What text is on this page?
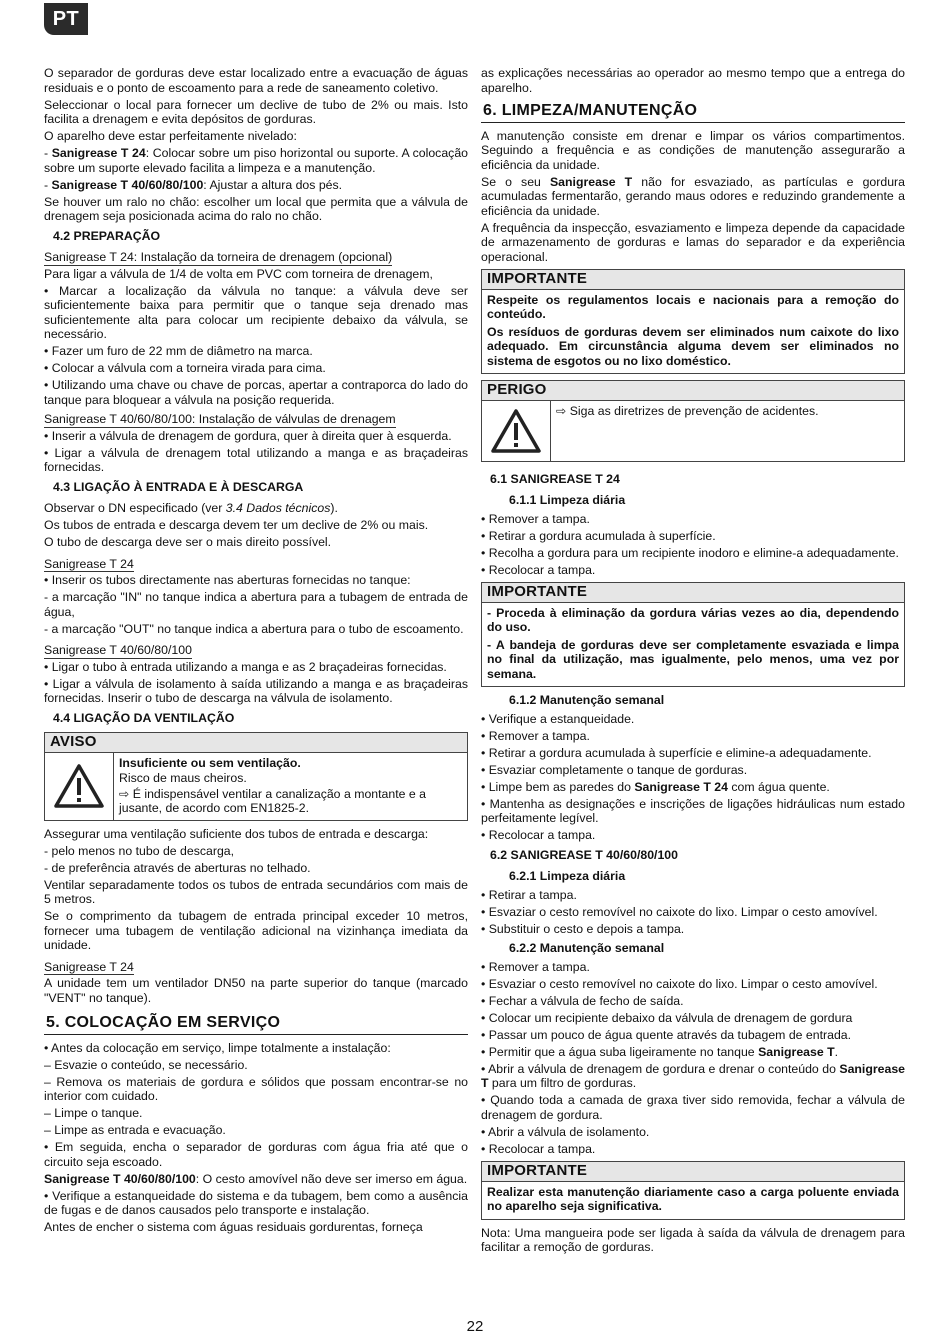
PT

O separador de gorduras deve estar localizado entre a evacuação de águas residuais e o ponto de escoamento para a rede de saneamento coletivo.

Seleccionar o local para fornecer um declive de tubo de 2% ou mais. Isto facilita a drenagem e evita depósitos de gorduras.

O aparelho deve estar perfeitamente nivelado:

- Sanigrease T 24: Colocar sobre um piso horizontal ou suporte. A colocação sobre um suporte elevado facilita a limpeza e a manutenção.

- Sanigrease T 40/60/80/100: Ajustar a altura dos pés.

Se houver um ralo no chão: escolher um local que permita que a válvula de drenagem seja posicionada acima do ralo no chão.

4.2 PREPARAÇÃO
Sanigrease T 24: Instalação da torneira de drenagem (opcional)

Para ligar a válvula de 1/4 de volta em PVC com torneira de drenagem,

• Marcar a localização da válvula no tanque: a válvula deve ser suficientemente baixa para permitir que o tanque seja drenado mas suficientemente alta para colocar um recipiente debaixo da válvula, se necessário.

• Fazer um furo de 22 mm de diâmetro na marca.

• Colocar a válvula com a torneira virada para cima.

• Utilizando uma chave ou chave de porcas, apertar a contraporca do lado do tanque para bloquear a válvula na posição requerida.

Sanigrease T 40/60/80/100: Instalação de válvulas de drenagem

• Inserir a válvula de drenagem de gordura, quer à direita quer à esquerda.

• Ligar a válvula de drenagem total utilizando a manga e as braçadeiras fornecidas.

4.3 LIGAÇÃO À ENTRADA E À DESCARGA

Observar o DN especificado (ver 3.4 Dados técnicos).

Os tubos de entrada e descarga devem ter um declive de 2% ou mais.

O tubo de descarga deve ser o mais direito possível.

Sanigrease T 24

• Inserir os tubos directamente nas aberturas fornecidas no tanque:

- a marcação "IN" no tanque indica a abertura para a tubagem de entrada de água,

- a marcação "OUT" no tanque indica a abertura para o tubo de escoamento.

Sanigrease T 40/60/80/100

• Ligar o tubo à entrada utilizando a manga e as 2 braçadeiras fornecidas.

• Ligar a válvula de isolamento à saída utilizando a manga e as braçadeiras fornecidas. Inserir o tubo de descarga na válvula de isolamento.

4.4 LIGAÇÃO DA VENTILAÇÃO
AVISO

Insuficiente ou sem ventilação.

Risco de maus cheiros.

⇨ É indispensável ventilar a canalização a montante e a jusante, de acordo com EN1825-2.

Assegurar uma ventilação suficiente dos tubos de entrada e descarga:

- pelo menos no tubo de descarga,

- de preferência através de aberturas no telhado.

Ventilar separadamente todos os tubos de entrada secundários com mais de 5 metros.

Se o comprimento da tubagem de entrada principal exceder 10 metros, fornecer uma tubagem de ventilação adicional na vizinhança imediata da unidade.

Sanigrease T 24

A unidade tem um ventilador DN50 na parte superior do tanque (marcado "VENT" no tanque).

5. COLOCAÇÃO EM SERVIÇO

• Antes da colocação em serviço, limpe totalmente a instalação:

– Esvazie o conteúdo, se necessário.

– Remova os materiais de gordura e sólidos que possam encontrar-se no interior com cuidado.

– Limpe o tanque.

– Limpe as entrada e evacuação.

• Em seguida, encha o separador de gorduras com água fria até que o circuito seja escoado.

Sanigrease T 40/60/80/100: O cesto amovível não deve ser imerso em água.

• Verifique a estanqueidade do sistema e da tubagem, bem como a ausência de fugas e de danos causados pelo transporte e instalação.

Antes de encher o sistema com águas residuais gordurentas, forneça

as explicações necessárias ao operador ao mesmo tempo que a entrega do aparelho.

6. LIMPEZA/MANUTENÇÃO

A manutenção consiste em drenar e limpar os vários compartimentos. Seguindo a frequência e as condições de manutenção assegurarão a eficiência da unidade.

Se o seu Sanigrease T não for esvaziado, as partículas e gordura acumuladas fermentarão, gerando maus odores e reduzindo grandemente a eficiência da unidade.

A frequência da inspecção, esvaziamento e limpeza depende da capacidade de armazenamento de gorduras e lamas do separador e da experiência operacional.

IMPORTANTE

Respeite os regulamentos locais e nacionais para a remoção do conteúdo.

Os resíduos de gorduras devem ser eliminados num caixote do lixo adequado. Em circunstância alguma devem ser eliminados no sistema de esgotos ou no lixo doméstico.

PERIGO

⇨ Siga as diretrizes de prevenção de acidentes.

6.1 SANIGREASE T 24
6.1.1 Limpeza diária

• Remover a tampa.

• Retirar a gordura acumulada à superfície.

• Recolha a gordura para um recipiente inodoro e elimine-a adequadamente.

• Recolocar a tampa.

IMPORTANTE

- Proceda à eliminação da gordura várias vezes ao dia, dependendo do uso.

- A bandeja de gorduras deve ser completamente esvaziada e limpa no final da utilização, mas igualmente, pelo menos, uma vez por semana.

6.1.2 Manutenção semanal

• Verifique a estanqueidade.

• Remover a tampa.

• Retirar a gordura acumulada à superfície e elimine-a adequadamente.

• Esvaziar completamente o tanque de gorduras.

• Limpe bem as paredes do Sanigrease T 24 com água quente.

• Mantenha as designações e inscrições de ligações hidráulicas num estado perfeitamente legível.

• Recolocar a tampa.

6.2 SANIGREASE T 40/60/80/100
6.2.1 Limpeza diária

• Retirar a tampa.

• Esvaziar o cesto removível no caixote do lixo. Limpar o cesto amovível.

• Substituir o cesto e depois a tampa.

6.2.2 Manutenção semanal

• Remover a tampa.

• Esvaziar o cesto removível no caixote do lixo. Limpar o cesto amovível.

• Fechar a válvula de fecho de saída.

• Colocar um recipiente debaixo da válvula de drenagem de gordura

• Passar um pouco de água quente através da tubagem de entrada.

• Permitir que a água suba ligeiramente no tanque Sanigrease T.

• Abrir a válvula de drenagem de gordura e drenar o conteúdo do Sanigrease T para um filtro de gorduras.

• Quando toda a camada de graxa tiver sido removida, fechar a válvula de drenagem de gordura.

• Abrir a válvula de isolamento.

• Recolocar a tampa.

IMPORTANTE

Realizar esta manutenção diariamente caso a carga poluente enviada no aparelho seja significativa.

Nota: Uma mangueira pode ser ligada à saída da válvula de drenagem para facilitar a remoção de gorduras.

22
